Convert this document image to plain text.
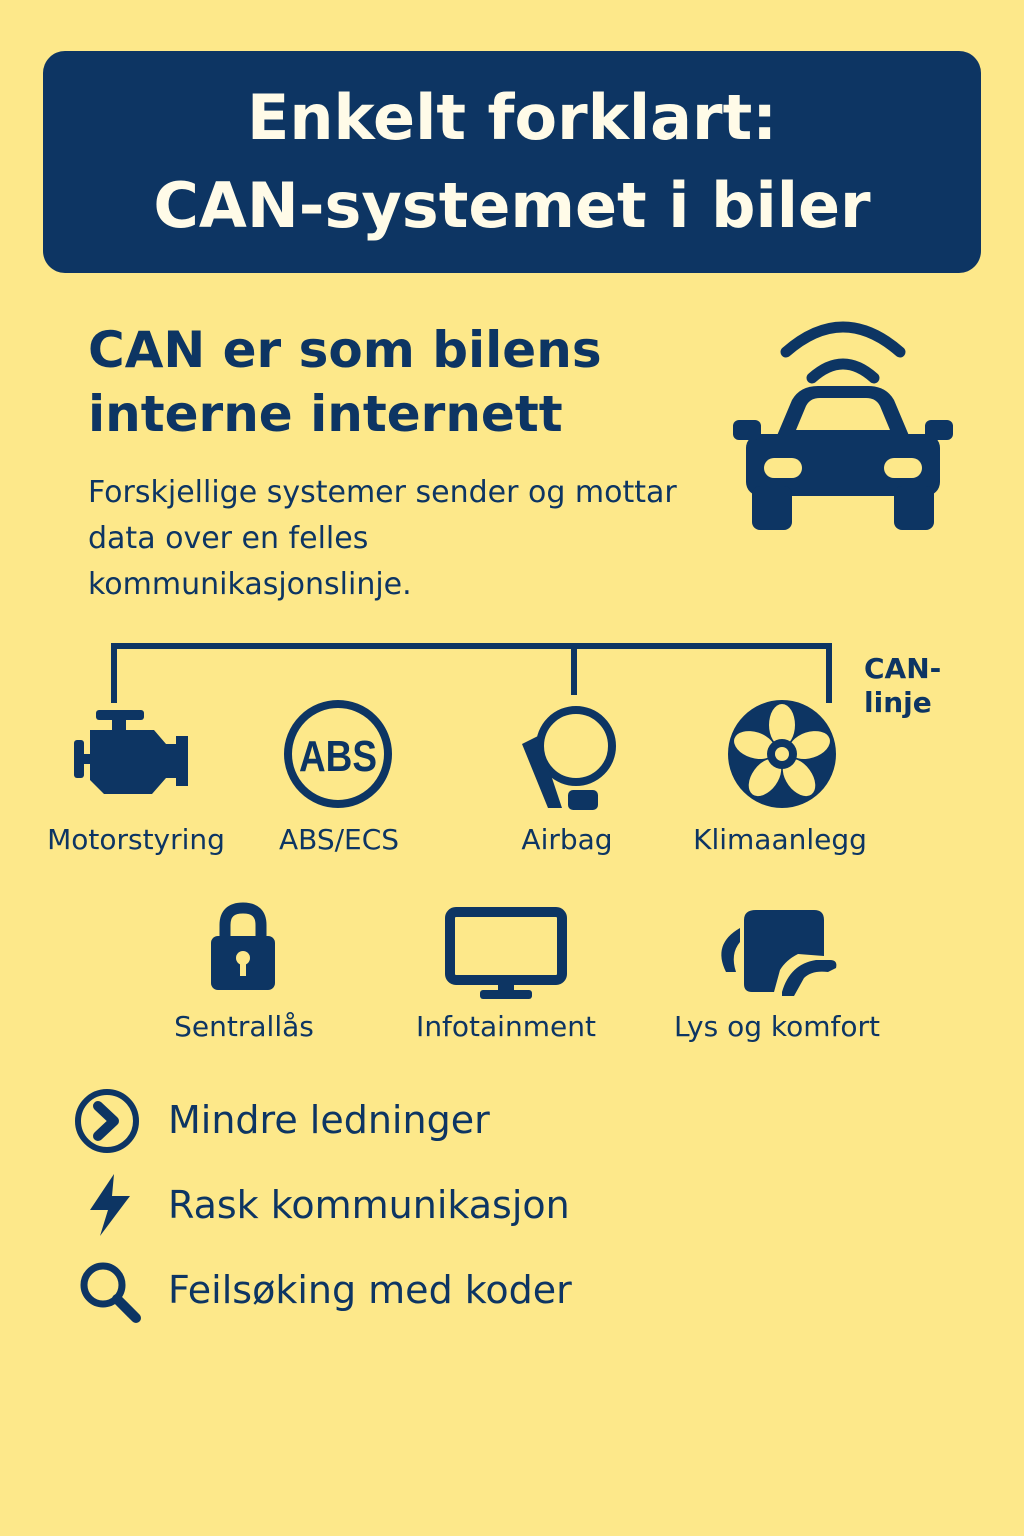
Enkelt forklart:
CAN-systemet i biler
CAN er som bilens
interne internett
Forskjellige systemer sender og mottar data over en felles kommunikasjonslinje.
CAN-
linje
ABS
Motorstyring ABS/ECS	Airbag	Klimaanlegg
Sentrallås	Infotainment	Lys og komfort
Mindre ledninger
Rask kommunikasjon
Feilsøking med koder
